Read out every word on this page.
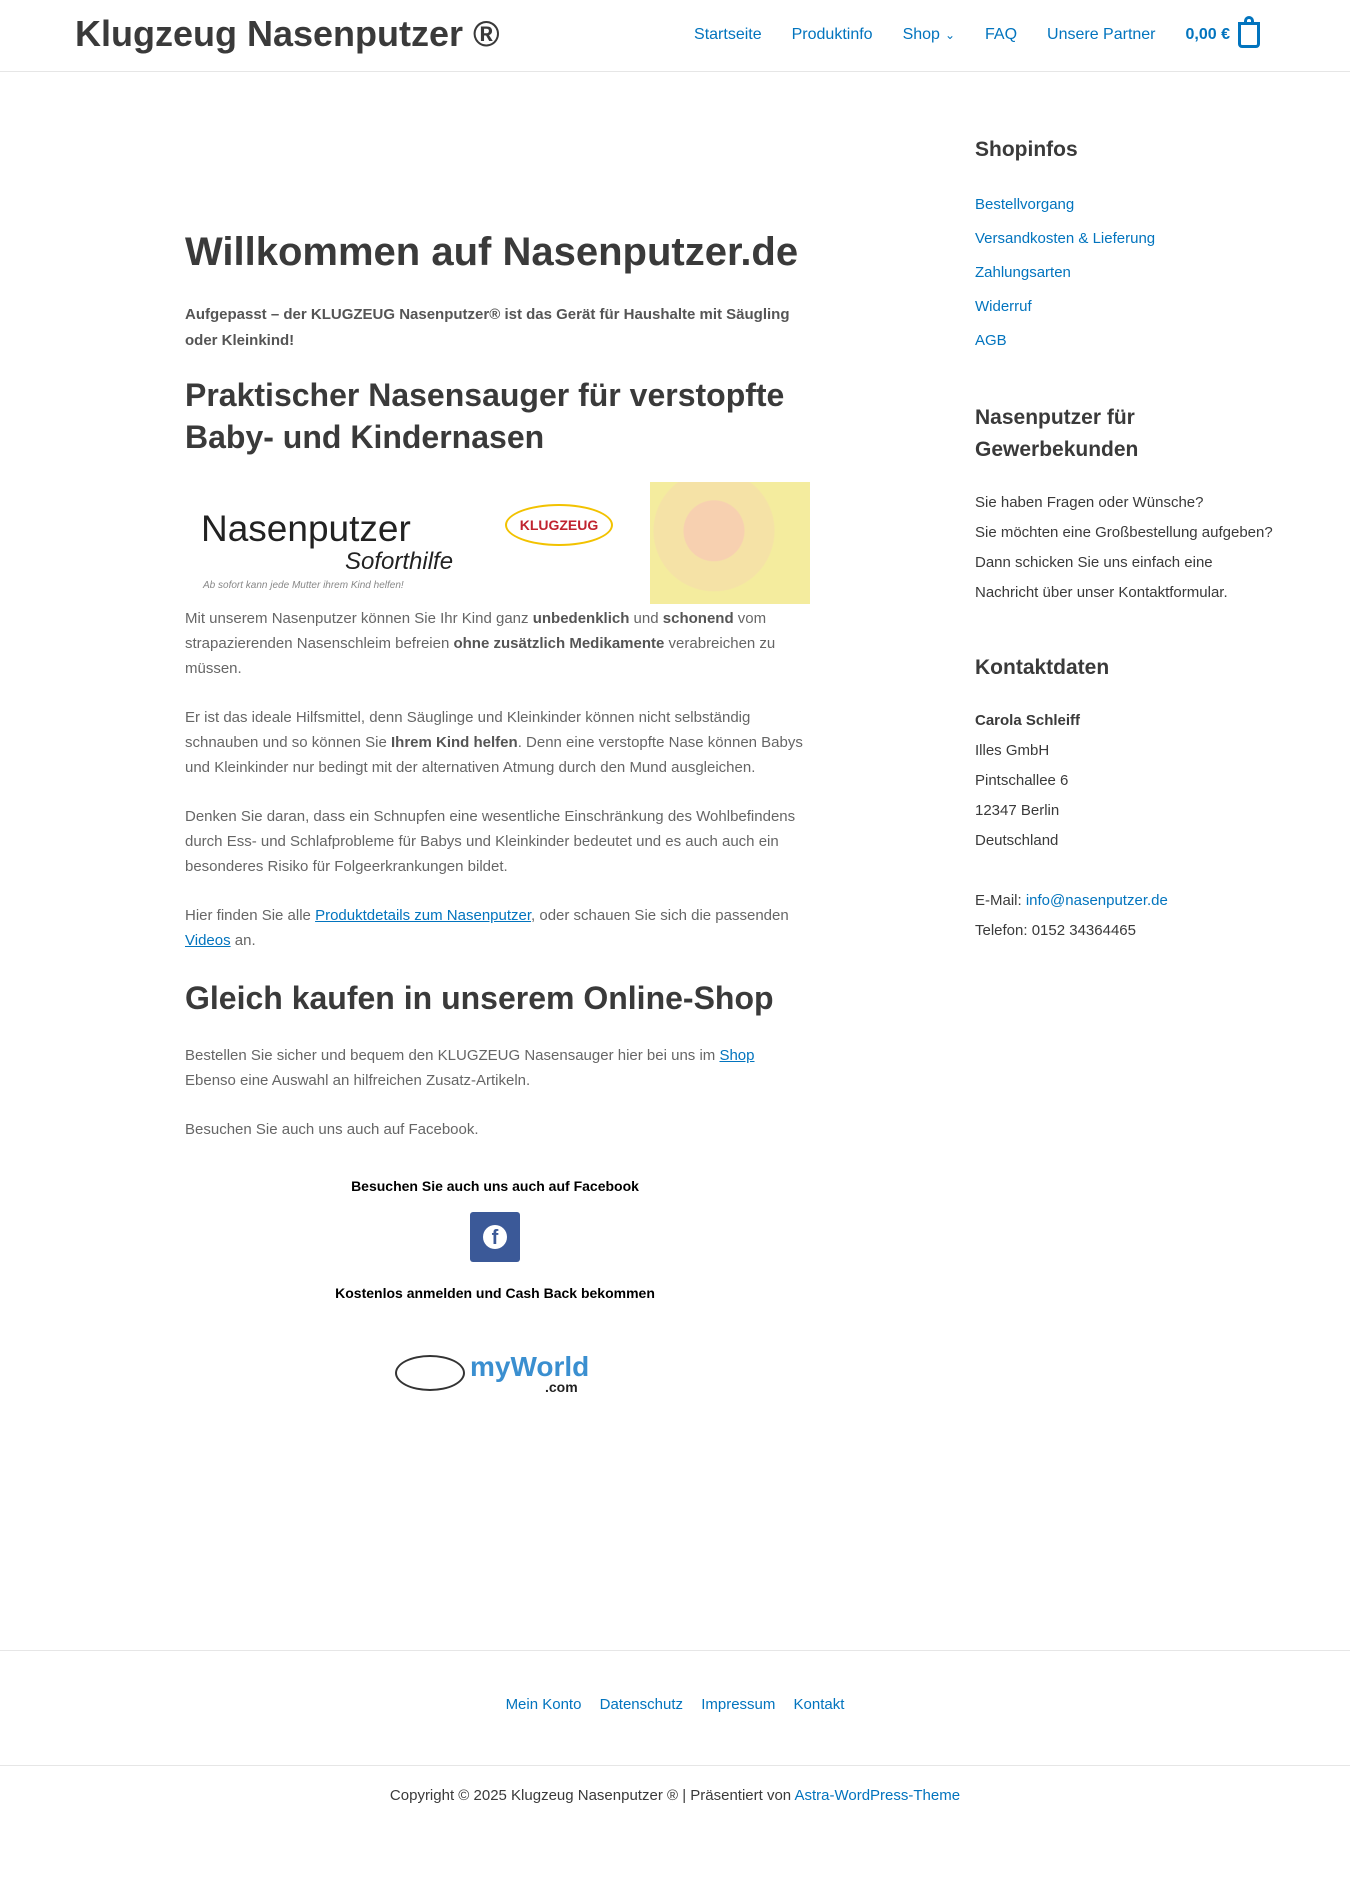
Klugzeug Nasenputzer ®	Startseite Produktinfo Shop ⌄ FAQ Unsere Partner 0,00 €
Willkommen auf Nasenputzer.de

Aufgepasst – der KLUGZEUG Nasenputzer® ist das Gerät für Haushalte mit Säugling oder Kleinkind!

Praktischer Nasensauger für verstopfte Baby- und Kindernasen
Nasenputzer
Soforthilfe
Ab sofort kann jede Mutter ihrem Kind helfen!
KLUGZEUG

Mit unserem Nasenputzer können Sie Ihr Kind ganz unbedenklich und schonend vom strapazierenden Nasenschleim befreien ohne zusätzlich Medikamente verabreichen zu müssen.

Er ist das ideale Hilfsmittel, denn Säuglinge und Kleinkinder können nicht selbständig schnauben und so können Sie Ihrem Kind helfen. Denn eine verstopfte Nase können Babys und Kleinkinder nur bedingt mit der alternativen Atmung durch den Mund ausgleichen.

Denken Sie daran, dass ein Schnupfen eine wesentliche Einschränkung des Wohlbefindens durch Ess- und Schlafprobleme für Babys und Kleinkinder bedeutet und es auch auch ein besonderes Risiko für Folgeerkrankungen bildet.

Hier finden Sie alle Produktdetails zum Nasenputzer, oder schauen Sie sich die passenden Videos an.

Gleich kaufen in unserem Online-Shop

Bestellen Sie sicher und bequem den KLUGZEUG Nasensauger hier bei uns im Shop
Ebenso eine Auswahl an hilfreichen Zusatz-Artikeln.

Besuchen Sie auch uns auch auf Facebook.

Besuchen Sie auch uns auch auf Facebook
f
Kostenlos anmelden und Cash Back bekommen
myWorld
.com
Shopinfos
Bestellvorgang
Versandkosten & Lieferung
Zahlungsarten
Widerruf
AGB
Nasenputzer für Gewerbekunden
Sie haben Fragen oder Wünsche?
Sie möchten eine Großbestellung aufgeben?
Dann schicken Sie uns einfach eine
Nachricht über unser Kontaktformular.
Kontaktdaten
Carola Schleiff
Illes GmbH
Pintschallee 6
12347 Berlin
Deutschland
E-Mail: info@nasenputzer.de
Telefon: 0152 34364465
Mein Konto Datenschutz Impressum Kontakt
Copyright © 2025 Klugzeug Nasenputzer ® | Präsentiert von Astra-WordPress-Theme
